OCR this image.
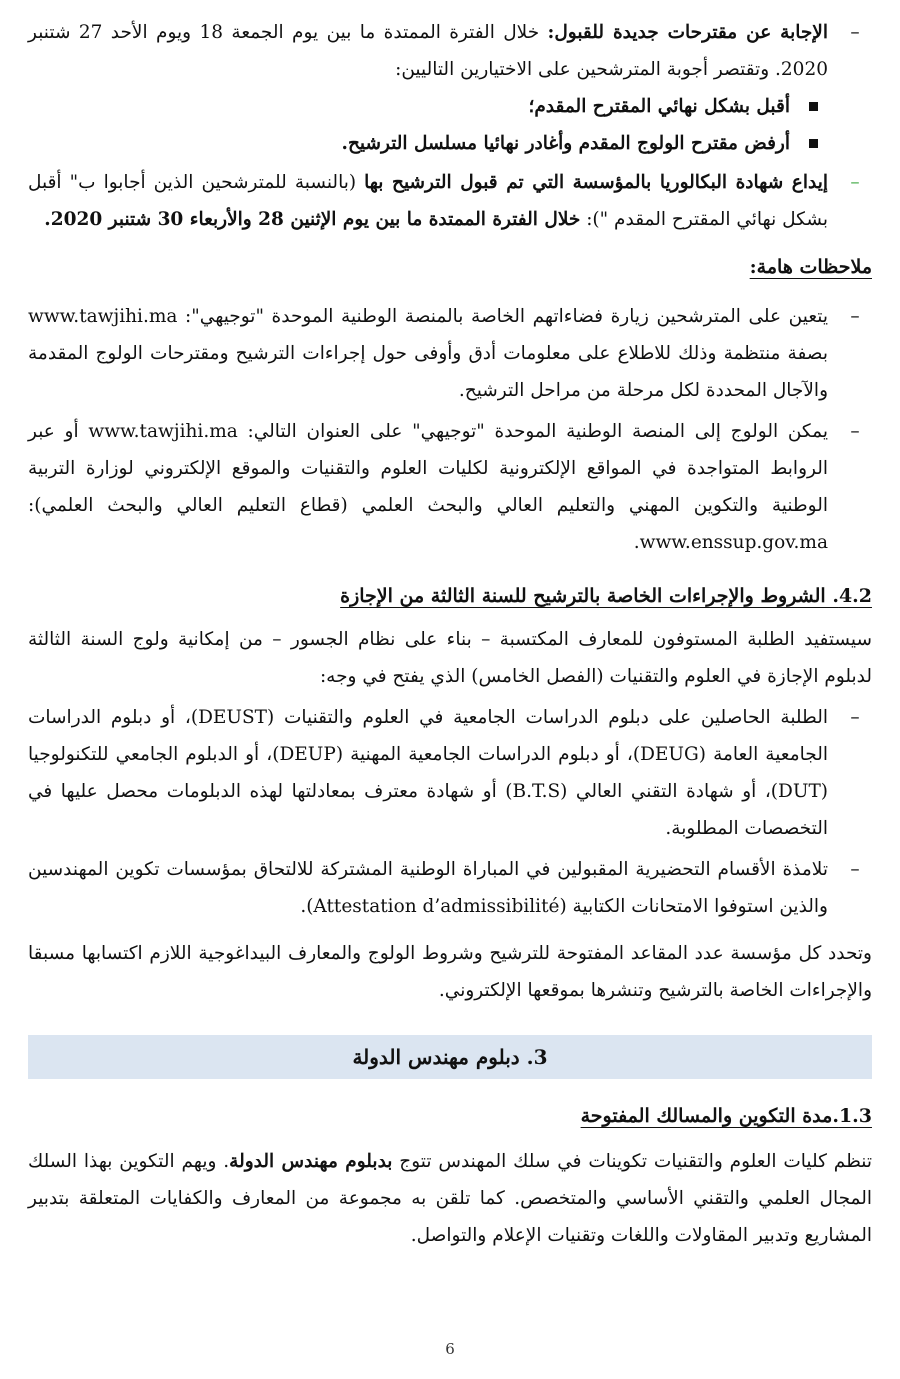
–

الإجابة عن مقترحات جديدة للقبول: خلال الفترة الممتدة ما بين يوم الجمعة 18 ويوم الأحد 27 شتنبر 2020. وتقتصر أجوبة المترشحين على الاختيارين التاليين:

أقبل بشكل نهائي المقترح المقدم؛

أرفض مقترح الولوج المقدم وأغادر نهائيا مسلسل الترشيح.

–

إيداع شهادة البكالوريا بالمؤسسة التي تم قبول الترشيح بها (بالنسبة للمترشحين الذين أجابوا ب" أقبل بشكل نهائي المقترح المقدم "): خلال الفترة الممتدة ما بين يوم الإثنين 28 والأربعاء 30 شتنبر 2020.

ملاحظات هامة:
–

يتعين على المترشحين زيارة فضاءاتهم الخاصة بالمنصة الوطنية الموحدة "توجيهي": www.tawjihi.ma بصفة منتظمة وذلك للاطلاع على معلومات أدق وأوفى حول إجراءات الترشيح ومقترحات الولوج المقدمة والآجال المحددة لكل مرحلة من مراحل الترشيح.

–

يمكن الولوج إلى المنصة الوطنية الموحدة "توجيهي" على العنوان التالي: www.tawjihi.ma أو عبر الروابط المتواجدة في المواقع الإلكترونية لكليات العلوم والتقنيات والموقع الإلكتروني لوزارة التربية الوطنية والتكوين المهني والتعليم العالي والبحث العلمي (قطاع التعليم العالي والبحث العلمي): www.enssup.gov.ma.

4.2. الشروط والإجراءات الخاصة بالترشيح للسنة الثالثة من الإجازة

سيستفيد الطلبة المستوفون للمعارف المكتسبة – بناء على نظام الجسور – من إمكانية ولوج السنة الثالثة لدبلوم الإجازة في العلوم والتقنيات (الفصل الخامس) الذي يفتح في وجه:

–

الطلبة الحاصلين على دبلوم الدراسات الجامعية في العلوم والتقنيات (DEUST)، أو دبلوم الدراسات الجامعية العامة (DEUG)، أو دبلوم الدراسات الجامعية المهنية (DEUP)، أو الدبلوم الجامعي للتكنولوجيا (DUT)، أو شهادة التقني العالي (B.T.S) أو شهادة معترف بمعادلتها لهذه الدبلومات محصل عليها في التخصصات المطلوبة.

–

تلامذة الأقسام التحضيرية المقبولين في المباراة الوطنية المشتركة للالتحاق بمؤسسات تكوين المهندسين والذين استوفوا الامتحانات الكتابية (Attestation d’admissibilité).

وتحدد كل مؤسسة عدد المقاعد المفتوحة للترشيح وشروط الولوج والمعارف البيداغوجية اللازم اكتسابها مسبقا والإجراءات الخاصة بالترشيح وتنشرها بموقعها الإلكتروني.

3. دبلوم مهندس الدولة
1.3.مدة التكوين والمسالك المفتوحة

تنظم كليات العلوم والتقنيات تكوينات في سلك المهندس تتوج بدبلوم مهندس الدولة. ويهم التكوين بهذا السلك المجال العلمي والتقني الأساسي والمتخصص. كما تلقن به مجموعة من المعارف والكفايات المتعلقة بتدبير المشاريع وتدبير المقاولات واللغات وتقنيات الإعلام والتواصل.

6
